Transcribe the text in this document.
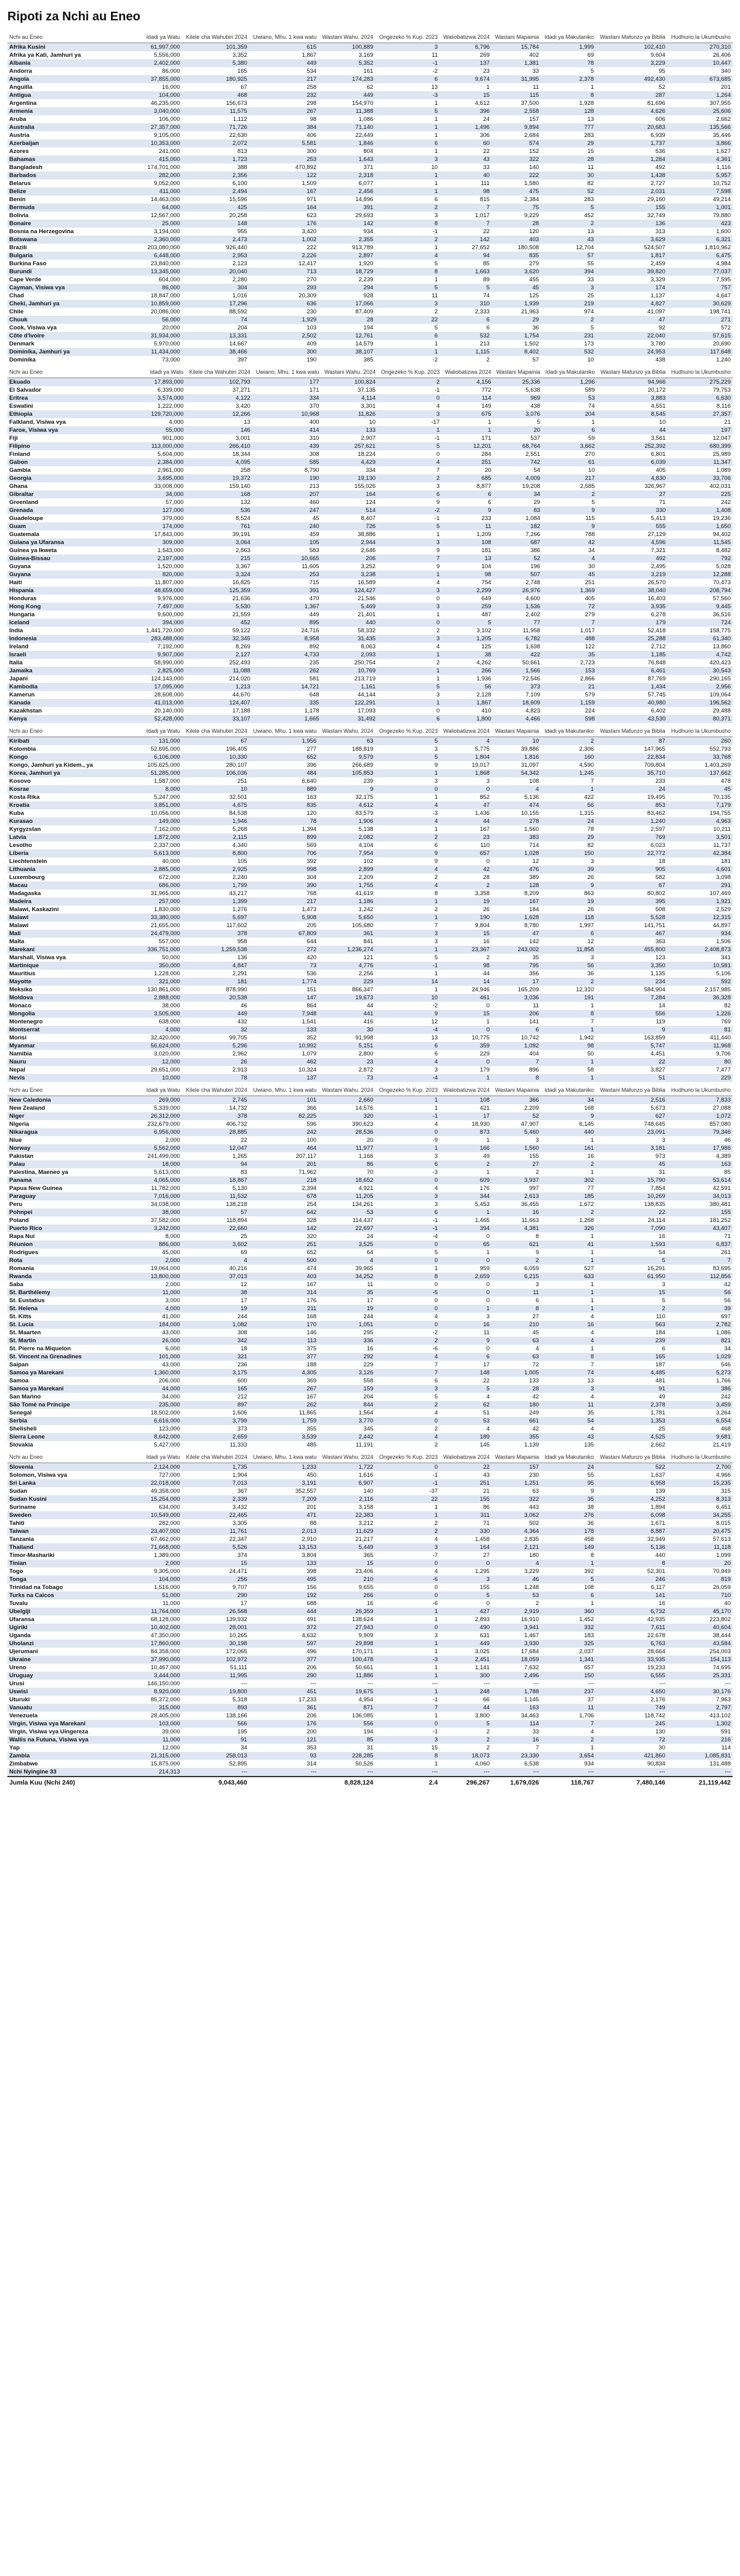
Ripoti za Nchi au Eneo
Nchi au Eneo	Idadi ya Watu	Kilele cha Wahubiri 2024	Uwiano, Mhu. 1 kwa watu	Wastani Wahu. 2024	Ongezeko % Kup. 2023	Waliobatizwa 2024	Wastani Mapainia	Idadi ya Makutaniko	Wastani Mafunzo ya Biblia	Hudhurio la Ukumbusho
Afrika Kusini	61,997,000	101,359	615	100,889	3	6,796	15,784	1,999	102,410	270,310
Afrika ya Kati, Jamhuri ya	5,556,000	3,352	1,867	3,169	11	269	402	69	9,604	26,406
Albania	2,402,000	5,380	449	5,352	-1	137	1,381	78	3,229	10,447
Andorra	86,000	165	534	161	-2	23	33	5	95	340
Angola	37,855,000	180,925	217	174,283	6	9,674	31,995	2,378	492,430	673,685
Anguilla	16,000	67	258	62	13	1	11	1	52	201
Antigua	104,000	468	232	449	-3	15	115	8	287	1,264
Argentina	46,235,000	156,673	298	154,970	1	4,612	37,500	1,928	81,696	307,955
Armenia	3,040,000	11,575	267	11,388	5	396	2,558	128	4,626	25,606
Aruba	106,000	1,112	98	1,086	1	24	157	13	606	2,662
Australia	27,357,000	71,726	384	71,140	1	1,496	9,894	777	20,683	135,566
Austria	9,105,000	22,630	406	22,449	1	306	2,684	283	6,939	35,446
Azerbaijan	10,353,000	2,072	5,581	1,846	6	60	574	29	1,737	3,866
Azores	241,000	813	300	804	1	22	152	15	536	1,627
Bahamas	415,000	1,723	253	1,643	3	43	322	28	1,284	4,361
Bangladesh	174,701,000	388	470,892	371	10	33	140	11	492	1,116
Barbados	282,000	2,356	122	2,318	1	40	222	30	1,438	5,957
Belarus	9,052,000	6,100	1,509	6,077	1	111	1,580	82	2,727	10,752
Belize	411,000	2,494	167	2,456	1	98	475	52	2,031	7,598
Benin	14,463,000	15,596	971	14,896	6	815	2,384	283	29,160	49,214
Bermuda	64,000	425	164	391	2	7	75	5	155	1,001
Bolivia	12,567,000	20,258	623	29,693	3	1,017	9,229	452	32,749	79,880
Bonaire	25,000	148	176	142	8	7	28	2	136	423
Bosnia na Herzegovina	3,194,000	955	3,420	934	-1	22	120	13	313	1,600
Botswana	2,360,000	2,473	1,002	2,355	2	142	403	43	3,629	6,321
Brazili	203,080,000	926,440	222	913,789	1	27,652	180,508	12,704	524,507	1,810,962
Bulgaria	6,448,000	2,953	2,226	2,897	4	94	835	57	1,817	6,475
Burkina Faso	23,840,000	2,123	12,417	1,920	5	85	279	55	2,459	4,984
Burundi	13,345,000	20,040	713	18,729	8	1,663	3,620	394	39,820	77,037
Cape Verde	604,000	2,280	270	2,239	1	89	455	33	3,329	7,595
Cayman, Visiwa vya	86,000	304	293	294	5	5	45	3	174	757
Chad	18,847,000	1,016	20,309	928	11	74	125	25	1,137	4,647
Cheki, Jamhuri ya	10,859,000	17,296	636	17,066	3	310	1,939	219	4,827	30,629
Chile	20,086,000	88,592	230	87,409	2	2,333	21,963	974	41,097	198,741
Chuuk	56,000	74	1,929	28	22	6	29	2	47	271
Cook, Visiwa vya	20,000	204	103	194	5	6	36	5	92	572
Côte d'Ivoire	31,934,000	13,331	2,502	12,761	6	532	1,754	231	22,040	57,615
Denmark	5,970,000	14,667	409	14,579	1	213	1,502	173	3,780	20,690
Dominika, Jamhuri ya	11,434,000	38,466	300	38,107	1	1,115	8,402	532	24,953	117,648
Dominika	73,000	397	190	385	-2	2	57	10	438	1,240
Nchi au Eneo	Idadi ya Watu	Kilele cha Wahubiri 2024	Uwiano, Mhu. 1 kwa watu	Wastani Wahu. 2024	Ongezeko % Kup. 2023	Waliobatizwa 2024	Wastani Mapainia	Idadi ya Makutaniko	Wastani Mafunzo ya Biblia	Hudhurio la Ukumbusho
Ekuado	17,893,000	102,793	177	100,824	2	4,156	25,336	1,296	94,966	275,229
El Salvador	6,339,000	37,271	171	37,135	-1	772	5,638	589	20,172	79,753
Eritrea	3,574,000	4,122	334	4,114	0	114	969	53	3,883	6,630
Eswatini	1,222,000	3,420	370	3,301	4	149	438	74	4,551	8,116
Ethiopia	129,720,000	12,266	10,968	11,826	3	675	3,076	204	8,545	27,357
Falkland, Visiwa vya	4,000	13	400	10	-17	1	5	1	10	21
Faroe, Visiwa vya	55,000	146	414	133	1	1	20	6	44	197
Fiji	901,000	3,001	310	2,907	-1	171	537	59	3,561	12,047
Filipino	113,000,000	266,410	439	257,621	5	12,201	68,764	3,662	252,392	680,399
Finland	5,604,000	18,344	308	18,224	0	284	2,551	270	6,801	25,989
Gabon	2,384,000	4,095	585	4,429	4	251	742	61	6,039	11,347
Gambia	2,961,000	258	8,790	334	7	20	54	10	405	1,089
Georgia	3,695,000	19,372	190	19,130	2	685	4,009	217	4,830	33,706
Ghana	33,008,000	159,140	213	155,026	3	8,877	19,208	2,585	326,967	402,031
Gibraltar	34,000	168	207	164	6	6	34	2	27	225
Greenland	57,000	132	460	124	9	6	29	5	71	242
Grenada	127,000	536	247	514	-2	9	83	9	330	1,408
Guadeloupe	379,000	8,524	45	8,407	-1	233	1,084	115	5,413	19,236
Guam	174,000	761	240	726	5	11	182	9	555	1,650
Guatemala	17,843,000	39,191	459	38,886	1	1,209	7,266	788	27,129	94,402
Guiana ya Ufaransa	309,000	3,064	105	2,944	3	108	687	42	4,596	11,545
Guinea ya Ikweta	1,543,000	2,863	583	2,646	9	181	386	34	7,321	8,482
Guinea-Bissau	2,197,000	215	10,665	206	7	13	52	4	492	792
Guyana	1,520,000	3,367	11,605	3,252	9	104	196	30	2,495	5,028
Guyana	820,000	3,324	253	3,238	1	98	507	45	3,219	12,288
Haiti	11,807,000	16,825	715	16,589	4	754	2,748	251	26,570	70,473
Hispania	48,659,000	125,359	391	124,427	3	2,299	26,976	1,369	38,040	208,794
Honduras	9,976,000	21,636	470	21,546	0	649	4,600	405	16,403	57,560
Hong Kong	7,497,000	5,530	1,367	5,469	3	259	1,536	72	3,935	9,445
Hungaria	9,600,000	21,559	449	21,401	1	487	2,402	279	6,278	36,516
Iceland	394,000	452	895	440	0	5	77	7	179	724
India	1,441,720,000	59,122	24,716	58,332	2	3,102	11,958	1,017	52,418	158,775
Indonesia	283,488,000	32,345	8,958	31,435	3	1,205	6,782	488	25,288	61,340
Ireland	7,192,000	8,269	892	8,063	4	125	1,638	122	2,712	13,860
Israeli	9,907,000	2,127	4,733	2,093	1	38	422	35	1,185	4,742
Italia	58,990,000	252,493	235	250,754	2	4,262	50,661	2,723	76,848	420,423
Jamaika	2,825,000	11,088	262	10,769	1	266	1,566	153	6,461	30,543
Japani	124,143,000	214,020	581	213,719	1	1,936	72,546	2,866	87,769	290,165
Kambodia	17,095,000	1,213	14,721	1,161	5	56	373	21	1,434	2,956
Kamerun	28,608,000	44,670	648	44,144	3	2,128	7,109	579	57,745	109,064
Kanada	41,013,000	124,407	335	122,291	1	1,867	18,609	1,159	40,980	196,562
Kazakhstan	20,140,000	17,188	1,178	17,093	0	410	4,823	224	6,402	29,488
Kenya	52,428,000	33,107	1,665	31,492	6	1,800	4,466	598	43,530	80,371
Nchi au Eneo	Idadi ya Watu	Kilele cha Wahubiri 2024	Uwiano, Mhu. 1 kwa watu	Wastani Wahu. 2024	Ongezeko % Kup. 2023	Waliobatizwa 2024	Wastani Mapainia	Idadi ya Makutaniko	Wastani Mafunzo ya Biblia	Hudhurio la Ukumbusho
Kiribati	131,000	67	1,956	63	5	4	10	2	87	260
Kolombia	52,695,000	196,405	277	188,819	3	5,775	39,886	2,306	147,965	552,793
Kongo	6,106,000	10,330	652	9,579	5	1,804	1,816	160	22,834	33,768
Kongo, Jamhuri ya Kidem., ya	105,625,000	280,107	396	266,689	9	19,017	31,097	4,590	709,804	1,403,269
Korea, Jamhuri ya	51,285,000	106,036	484	105,853	1	1,868	54,342	1,245	35,710	137,662
Kosovo	1,587,000	251	6,640	239	3	3	108	7	233	478
Kosrae	8,000	10	889	9	0	0	4	1	24	45
Kosta Rika	5,247,000	32,501	163	32,175	1	852	5,136	422	19,495	70,135
Kroatia	3,851,000	4,675	835	4,612	4	47	474	56	853	7,179
Kuba	10,056,000	84,538	120	83,579	-3	1,436	10,155	1,315	83,462	194,755
Kurasao	149,000	1,946	78	1,906	4	44	278	24	1,240	4,963
Kyrgyzstan	7,162,000	5,268	1,394	5,138	1	167	1,560	78	2,597	10,211
Latvia	1,872,000	2,115	899	2,082	2	23	383	29	769	3,501
Lesotho	2,337,000	4,340	569	4,104	6	110	714	82	6,023	11,737
Liberia	5,613,000	8,800	706	7,954	9	657	1,028	150	22,772	42,384
Liechtenstein	40,000	105	392	102	9	0	12	3	18	181
Lithuania	2,885,000	2,925	998	2,899	4	42	476	39	905	4,601
Luxembourg	672,000	2,240	304	2,209	2	28	389	26	582	3,098
Macau	686,000	1,799	390	1,755	4	2	128	9	67	291
Madagaska	31,965,000	43,217	768	41,619	8	3,358	8,209	863	80,802	107,469
Madeira	257,000	1,399	217	1,186	1	19	167	19	395	1,921
Malawi, Kaskazini	1,830,000	1,276	1,473	1,242	2	26	184	26	508	2,529
Malawi	33,380,000	5,697	5,908	5,650	1	190	1,628	118	5,528	12,315
Malawi	21,655,000	117,602	205	105,680	7	9,804	8,780	1,997	141,751	44,897
Mali	24,479,000	378	67,809	361	3	15	47	6	467	934
Malta	557,000	958	644	841	3	16	142	12	363	1,506
Marekani	336,751,000	1,259,538	272	1,236,274	1	23,367	243,002	11,858	455,800	2,408,873
Marshall, Visiwa vya	50,000	136	420	121	5	2	35	3	123	341
Martinique	350,000	4,847	73	4,776	-1	98	795	56	3,350	10,581
Mauritius	1,228,000	2,291	536	2,256	1	44	356	36	1,135	5,106
Mayotte	321,000	181	1,774	229	14	14	17	2	234	592
Meksiko	130,861,000	878,990	151	866,347	1	24,946	165,209	12,310	584,904	2,157,985
Moldova	2,888,000	20,538	147	19,673	10	461	3,036	191	7,284	36,328
Monaco	38,000	46	864	44	-2	0	11	1	14	82
Mongolia	3,505,000	449	7,948	441	9	15	206	8	556	1,226
Montenegro	638,000	432	1,541	416	12	1	141	7	119	769
Montserrat	4,000	32	133	30	-4	0	6	1	9	81
Morisi	32,420,000	99,705	352	91,998	13	10,775	10,742	1,942	163,859	411,440
Myanmar	56,624,000	5,296	10,992	5,151	6	359	1,092	98	5,747	11,968
Namibia	3,020,000	2,962	1,079	2,800	6	229	404	50	4,451	9,706
Nauru	12,000	26	462	23	4	0	7	1	22	80
Nepal	29,651,000	2,913	10,324	2,872	3	179	896	58	3,827	7,477
Nevis	10,000	78	137	73	-4	1	8	1	51	229
Nchi au Eneo	Idadi ya Watu	Kilele cha Wahubiri 2024	Uwiano, Mhu. 1 kwa watu	Wastani Wahu. 2024	Ongezeko % Kup. 2023	Waliobatizwa 2024	Wastani Mapainia	Idadi ya Makutaniko	Wastani Mafunzo ya Biblia	Hudhurio la Ukumbusho
New Caledonia	269,000	2,745	101	2,660	1	108	366	34	2,516	7,833
New Zealand	5,339,000	14,732	366	14,576	1	421	2,209	168	5,673	27,088
Niger	26,312,000	378	82,225	320	-1	17	52	9	627	1,072
Nigeria	232,679,000	406,732	596	390,623	4	18,930	47,907	6,145	748,645	857,080
Nikaragua	6,956,000	28,885	242	28,536	0	873	5,460	440	23,091	79,346
Niue	2,000	22	100	20	-9	1	3	1	3	46
Norway	5,562,000	12,047	464	11,977	1	166	1,560	161	3,181	17,986
Pakistan	241,499,000	1,265	207,117	1,166	3	49	155	16	973	4,389
Palau	18,000	94	201	86	6	2	27	2	45	163
Palestina, Maeneo ya	5,613,000	83	71,962	70	-3	1	2	1	31	85
Panama	4,065,000	18,867	218	18,652	0	609	3,937	302	15,790	53,614
Papua New Guinea	11,782,000	5,130	2,394	4,921	4	176	997	77	7,854	42,591
Paraguay	7,016,000	11,532	678	11,205	3	344	2,613	185	10,269	34,013
Peru	34,038,000	138,218	254	134,261	3	5,453	36,455	1,672	138,835	380,481
Pohnpei	38,000	57	642	53	6	1	16	2	22	155
Poland	37,582,000	118,894	328	114,437	-1	1,465	11,663	1,268	24,114	181,252
Puerto Rico	3,242,000	22,660	142	22,697	-1	394	4,381	326	7,090	43,407
Rapa Nui	8,000	25	320	24	-4	0	8	1	16	71
Réunion	886,000	3,602	251	3,525	0	65	621	41	1,593	6,837
Rodrigues	45,000	69	652	64	5	1	9	1	54	261
Rota	2,000	4	500	4	0	0	2	1	5	7
Romania	19,064,000	40,216	474	39,965	1	959	6,059	527	16,291	83,695
Rwanda	13,800,000	37,013	403	34,252	8	2,659	6,215	633	61,950	112,856
Saba	2,000	12	167	11	0	0	3	1	3	42
St. Barthélemy	11,000	38	314	35	-5	0	11	1	15	56
St. Eustatius	3,000	17	176	17	0	0	6	1	5	56
St. Helena	4,000	19	211	19	0	1	8	1	2	39
St. Kitts	41,000	244	168	244	4	3	27	4	110	697
St. Lucia	184,000	1,082	170	1,051	0	16	210	16	563	2,782
St. Maarten	43,000	308	146	295	-2	11	45	4	184	1,086
St. Martin	26,000	342	113	336	2	9	63	4	239	821
St. Pierre na Miquelon	6,000	18	375	16	-6	0	4	1	6	34
St. Vincent na Grenadines	101,000	321	377	292	4	6	63	8	165	1,029
Saipan	43,000	236	188	229	7	17	72	7	187	546
Samoa ya Marekani	1,360,000	3,175	4,305	3,126	7	148	1,005	74	4,485	5,273
Samoa	206,000	600	369	558	6	22	133	13	481	1,766
Samoa ya Marekani	44,000	165	267	159	3	5	28	3	91	386
San Marino	34,000	212	167	204	5	4	42	4	49	242
São Tomé na Príncipe	235,000	897	262	844	2	62	180	11	2,378	3,459
Senegal	18,502,000	1,606	11,865	1,564	4	51	249	35	1,781	3,264
Serbia	6,616,000	3,799	1,759	3,770	0	53	661	54	1,353	6,554
Shelisheli	123,000	373	355	345	2	4	42	4	25	468
Sierra Leone	8,642,000	2,659	3,539	2,442	4	189	355	43	4,525	9,681
Slovakia	5,427,000	11,333	485	11,191	2	145	1,139	135	2,662	21,419
Nchi au Eneo	Idadi ya Watu	Kilele cha Wahubiri 2024	Uwiano, Mhu. 1 kwa watu	Wastani Wahu. 2024	Ongezeko % Kup. 2023	Waliobatizwa 2024	Wastani Mapainia	Idadi ya Makutaniko	Wastani Mafunzo ya Biblia	Hudhurio la Ukumbusho
Slovenia	2,124,000	1,735	1,233	1,722	0	22	157	24	522	2,700
Solomon, Visiwa vya	727,000	1,904	450	1,616	-1	43	230	55	1,637	4,966
Sri Lanka	22,018,000	7,013	3,191	6,907	-1	251	1,251	95	6,958	15,235
Sudan	49,358,000	367	352,557	140	-37	21	63	9	139	315
Sudan Kusini	15,254,000	2,339	7,209	2,116	22	155	322	35	4,252	8,313
Suriname	634,000	3,432	201	3,158	1	86	443	38	1,894	6,451
Sweden	10,549,000	22,465	471	22,383	1	311	3,062	276	6,098	34,255
Tahiti	282,000	3,305	88	3,212	2	71	502	36	1,671	8,015
Taiwan	23,407,000	11,761	2,013	11,629	2	330	4,364	178	8,887	20,475
Tanzania	67,462,000	22,347	2,910	21,217	4	1,458	2,835	458	32,949	57,613
Thailand	71,668,000	5,526	13,153	5,449	3	164	2,121	149	5,136	11,118
Timor-Mashariki	1,389,000	374	3,804	365	-7	27	180	8	440	1,099
Tinian	2,000	15	133	15	0	0	4	1	8	20
Togo	9,305,000	24,471	398	23,406	4	1,295	3,229	392	52,301	70,949
Tonga	104,000	256	495	210	-6	3	46	5	246	819
Trinidad na Tobago	1,516,000	9,707	156	9,655	0	155	1,248	108	6,117	26,059
Turks na Caicos	51,000	290	192	266	0	5	53	6	141	710
Tuvalu	11,000	17	688	16	-6	0	2	1	16	40
Ubelgiji	11,764,000	26,568	444	26,359	1	427	2,919	360	6,732	45,170
Ufaransa	68,128,000	139,932	491	138,624	1	2,893	16,910	1,452	42,935	223,802
Ugiriki	10,402,000	28,001	372	27,943	0	490	3,941	332	7,611	40,604
Uganda	47,350,000	10,265	4,632	9,909	3	631	1,467	183	22,678	38,444
Uholanzi	17,860,000	30,198	597	29,898	1	449	3,930	325	6,763	43,584
Ujerumani	84,358,000	172,065	496	170,171	1	3,025	17,684	2,037	28,664	254,003
Ukraine	37,990,000	102,972	377	100,478	-3	2,451	18,059	1,341	33,935	154,113
Ureno	10,467,000	51,111	206	50,661	1	1,141	7,632	657	19,233	74,695
Uruguay	3,444,000	11,995	290	11,886	1	300	2,496	150	6,555	25,331
Urusi	146,150,000	---	---	---	---	---	---	---	---	---
Uswisi	8,920,000	19,800	451	19,675	1	248	1,788	237	4,650	30,176
Uturuki	85,372,000	5,318	17,233	4,954	-1	66	1,145	37	2,176	7,963
Vanuatu	315,000	893	361	871	7	44	163	11	749	2,797
Venezuela	28,405,000	138,166	206	136,085	1	3,800	34,463	1,706	118,742	413,102
Virgin, Visiwa vya Marekani	103,000	566	176	556	0	5	114	7	245	1,302
Virgin, Visiwa vya Uingereza	39,000	195	200	194	-1	2	33	4	130	591
Wallis na Futuna, Visiwa vya	11,000	91	121	85	3	2	16	2	72	216
Yap	12,000	34	353	31	15	2	7	1	30	114
Zambia	21,315,000	258,013	93	228,285	8	18,073	23,330	3,654	421,860	1,085,831
Zimbabwe	15,875,000	52,895	314	50,526	1	4,060	6,538	934	90,834	131,488
Nchi Nyingine 33	214,313	---	---	---	---	---	---	---	---	---
Jumla Kuu (Nchi 240)		9,043,460		8,828,124	2.4	296,267	1,679,026	118,767	7,480,146	21,119,442
